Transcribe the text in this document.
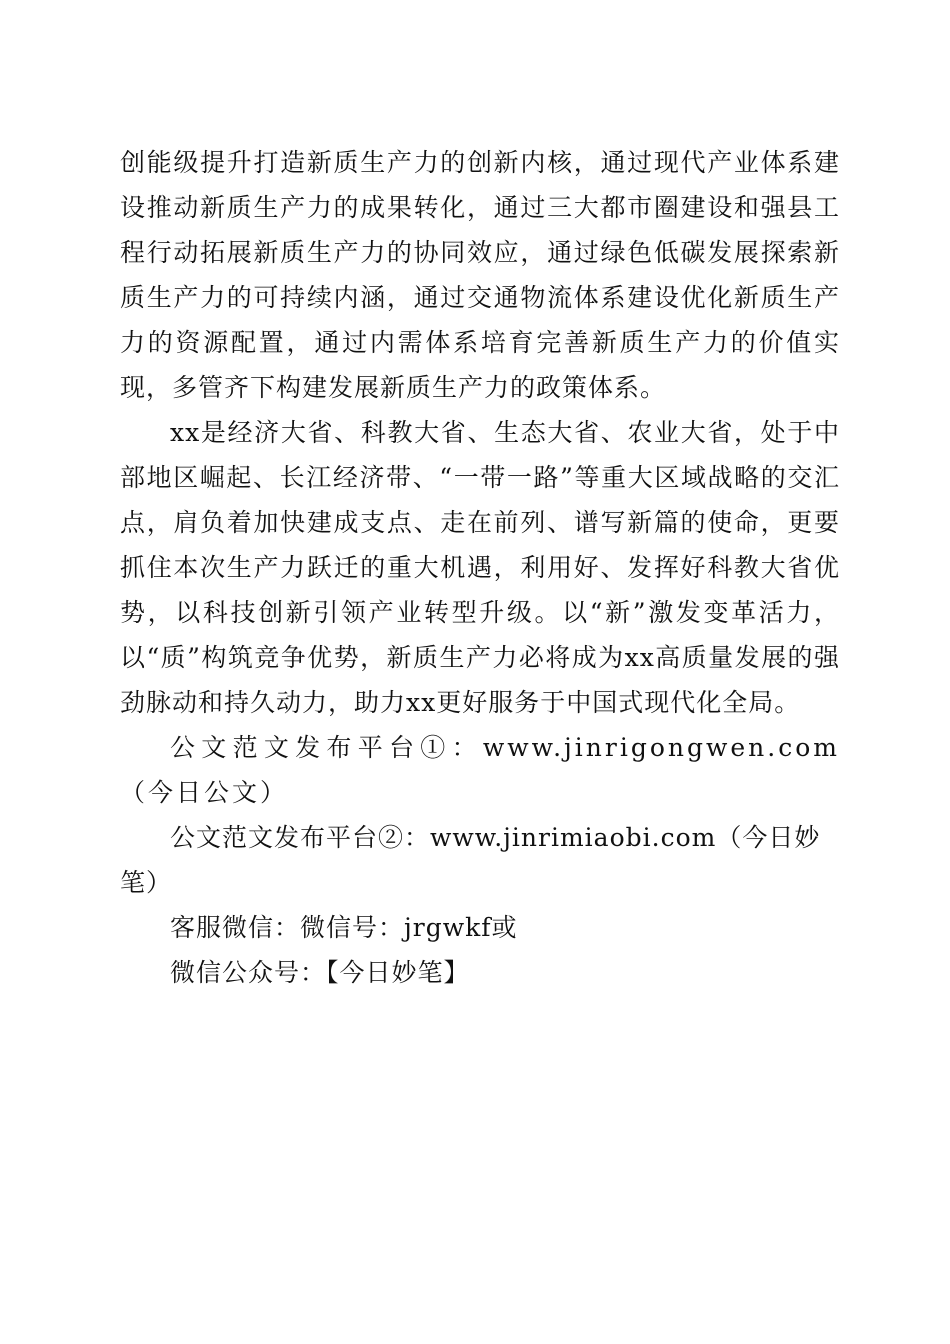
创能级提升打造新质生产力的创新内核，通过现代产业体系建设推动新质生产力的成果转化，通过三大都市圈建设和强县工程行动拓展新质生产力的协同效应，通过绿色低碳发展探索新质生产力的可持续内涵，通过交通物流体系建设优化新质生产力的资源配置，通过内需体系培育完善新质生产力的价值实现，多管齐下构建发展新质生产力的政策体系。

xx是经济大省、科教大省、生态大省、农业大省，处于中部地区崛起、长江经济带、“一带一路”等重大区域战略的交汇点，肩负着加快建成支点、走在前列、谱写新篇的使命，更要抓住本次生产力跃迁的重大机遇，利用好、发挥好科教大省优势，以科技创新引领产业转型升级。以“新”激发变革活力，以“质”构筑竞争优势，新质生产力必将成为xx高质量发展的强劲脉动和持久动力，助力xx更好服务于中国式现代化全局。

公文范文发布平台①：www.jinrigongwen.com（今日公文）

公文范文发布平台②：www.jinrimiaobi.com（今日妙笔）

客服微信：微信号：jrgwkf或

微信公众号：【今日妙笔】
